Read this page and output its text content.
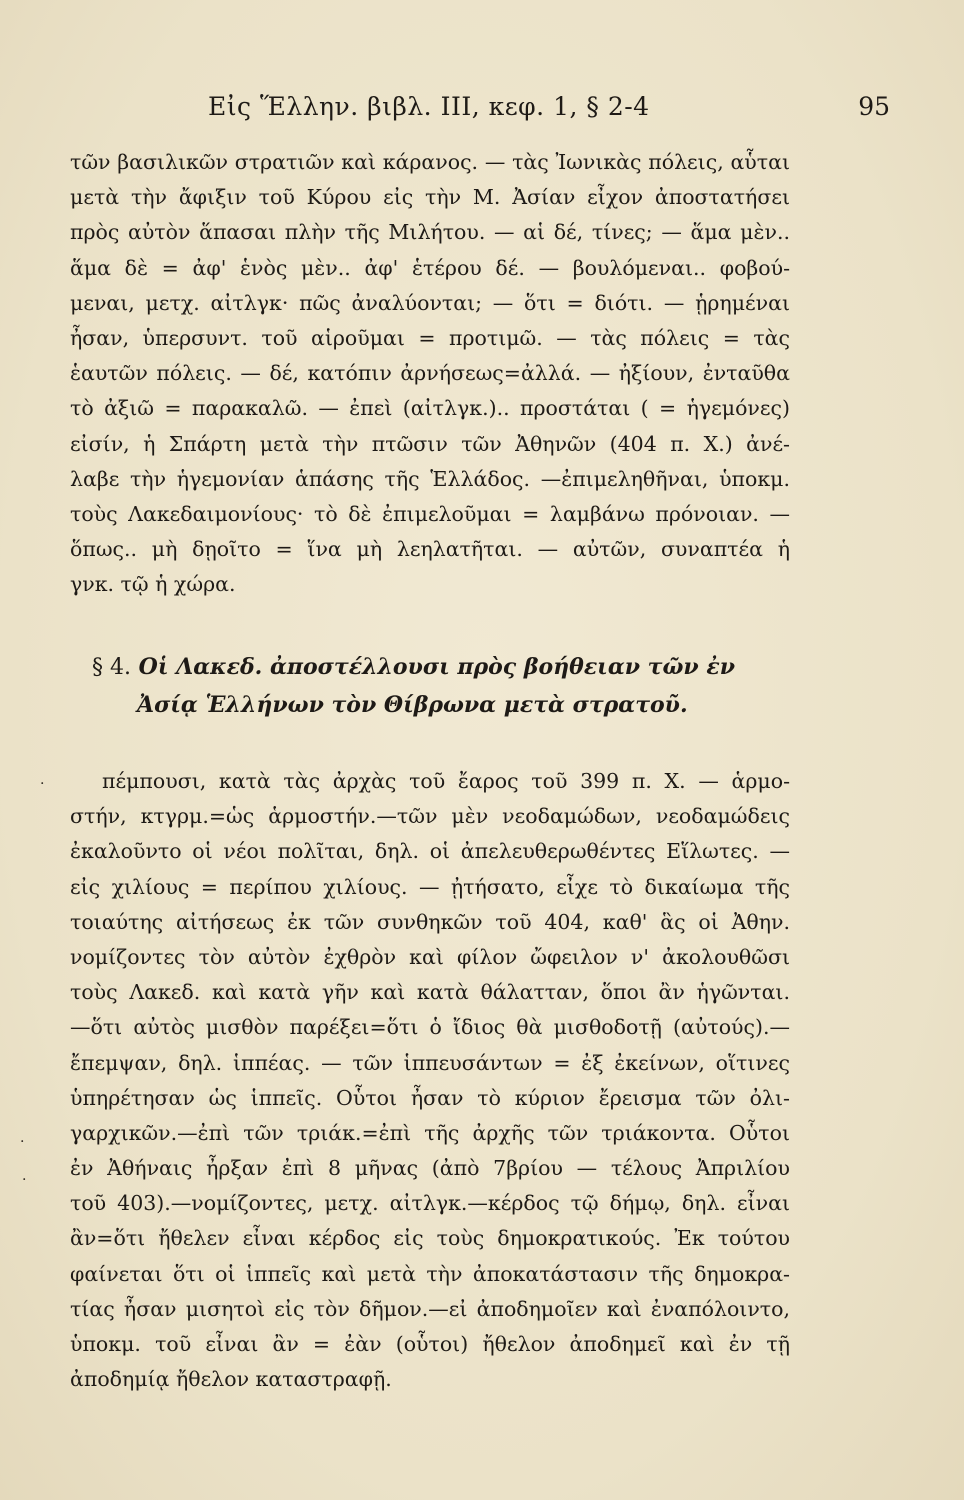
Εἰς Ἕλλην. βιβλ. III, κεφ. 1, § 2-4	95
τῶν βασιλικῶν στρατιῶν καὶ κάρανος. — τὰς Ἰωνικὰς πόλεις, αὗται
μετὰ τὴν ἄφιξιν τοῦ Κύρου εἰς τὴν Μ. Ἀσίαν εἶχον ἀποστατήσει
πρὸς αὐτὸν ἅπασαι πλὴν τῆς Μιλήτου. — αἱ δέ, τίνες; — ἅμα μὲν..
ἅμα δὲ = ἀφ' ἑνὸς μὲν.. ἀφ' ἑτέρου δέ. — βουλόμεναι.. φοβού-
μεναι, μετχ. αἰτλγκ· πῶς ἀναλύονται; — ὅτι = διότι. — ᾑρημέναι
ἦσαν, ὑπερσυντ. τοῦ αἱροῦμαι = προτιμῶ. — τὰς πόλεις = τὰς
ἑαυτῶν πόλεις. — δέ, κατόπιν ἀρνήσεως=ἀλλά. — ἠξίουν, ἐνταῦθα
τὸ ἀξιῶ = παρακαλῶ. — ἐπεὶ (αἰτλγκ.).. προστάται ( = ἡγεμόνες)
εἰσίν, ἡ Σπάρτη μετὰ τὴν πτῶσιν τῶν Ἀθηνῶν (404 π. Χ.) ἀνέ-
λαβε τὴν ἡγεμονίαν ἁπάσης τῆς Ἑλλάδος. —ἐπιμεληθῆναι, ὑποκμ.
τοὺς Λακεδαιμονίους· τὸ δὲ ἐπιμελοῦμαι = λαμβάνω πρόνοιαν. —
ὅπως.. μὴ δῃοῖτο = ἵνα μὴ λεηλατῆται. — αὐτῶν, συναπτέα ἡ
γνκ. τῷ ἡ χώρα.
§ 4. Οἱ Λακεδ. ἀποστέλλουσι πρὸς βοήθειαν τῶν ἐν
Ἀσίᾳ Ἑλλήνων τὸν Θίβρωνα μετὰ στρατοῦ.
πέμπουσι, κατὰ τὰς ἀρχὰς τοῦ ἔαρος τοῦ 399 π. Χ. — ἁρμο-
στήν, κτγρμ.=ὡς ἁρμοστήν.—τῶν μὲν νεοδαμώδων, νεοδαμώδεις
ἐκαλοῦντο οἱ νέοι πολῖται, δηλ. οἱ ἀπελευθερωθέντες Εἵλωτες. —
εἰς χιλίους = περίπου χιλίους. — ᾐτήσατο, εἶχε τὸ δικαίωμα τῆς
τοιαύτης αἰτήσεως ἐκ τῶν συνθηκῶν τοῦ 404, καθ' ἃς οἱ Ἀθην.
νομίζοντες τὸν αὐτὸν ἐχθρὸν καὶ φίλον ὤφειλον ν' ἀκολουθῶσι
τοὺς Λακεδ. καὶ κατὰ γῆν καὶ κατὰ θάλατταν, ὅποι ἂν ἡγῶνται.
—ὅτι αὐτὸς μισθὸν παρέξει=ὅτι ὁ ἴδιος θὰ μισθοδοτῇ (αὐτούς).—
ἔπεμψαν, δηλ. ἱππέας. — τῶν ἱππευσάντων = ἐξ ἐκείνων, οἵτινες
ὑπηρέτησαν ὡς ἱππεῖς. Οὗτοι ἦσαν τὸ κύριον ἔρεισμα τῶν ὀλι-
γαρχικῶν.—ἐπὶ τῶν τριάκ.=ἐπὶ τῆς ἀρχῆς τῶν τριάκοντα. Οὗτοι
ἐν Ἀθήναις ἦρξαν ἐπὶ 8 μῆνας (ἀπὸ 7βρίου — τέλους Ἀπριλίου
τοῦ 403).—νομίζοντες, μετχ. αἰτλγκ.—κέρδος τῷ δήμῳ, δηλ. εἶναι
ἂν=ὅτι ἤθελεν εἶναι κέρδος εἰς τοὺς δημοκρατικούς. Ἐκ τούτου
φαίνεται ὅτι οἱ ἱππεῖς καὶ μετὰ τὴν ἀποκατάστασιν τῆς δημοκρα-
τίας ἦσαν μισητοὶ εἰς τὸν δῆμον.—εἰ ἀποδημοῖεν καὶ ἐναπόλοιντο,
ὑποκμ. τοῦ εἶναι ἂν = ἐὰν (οὗτοι) ἤθελον ἀποδημεῖ καὶ ἐν τῇ
ἀποδημίᾳ ἤθελον καταστραφῇ.
.
.
.
